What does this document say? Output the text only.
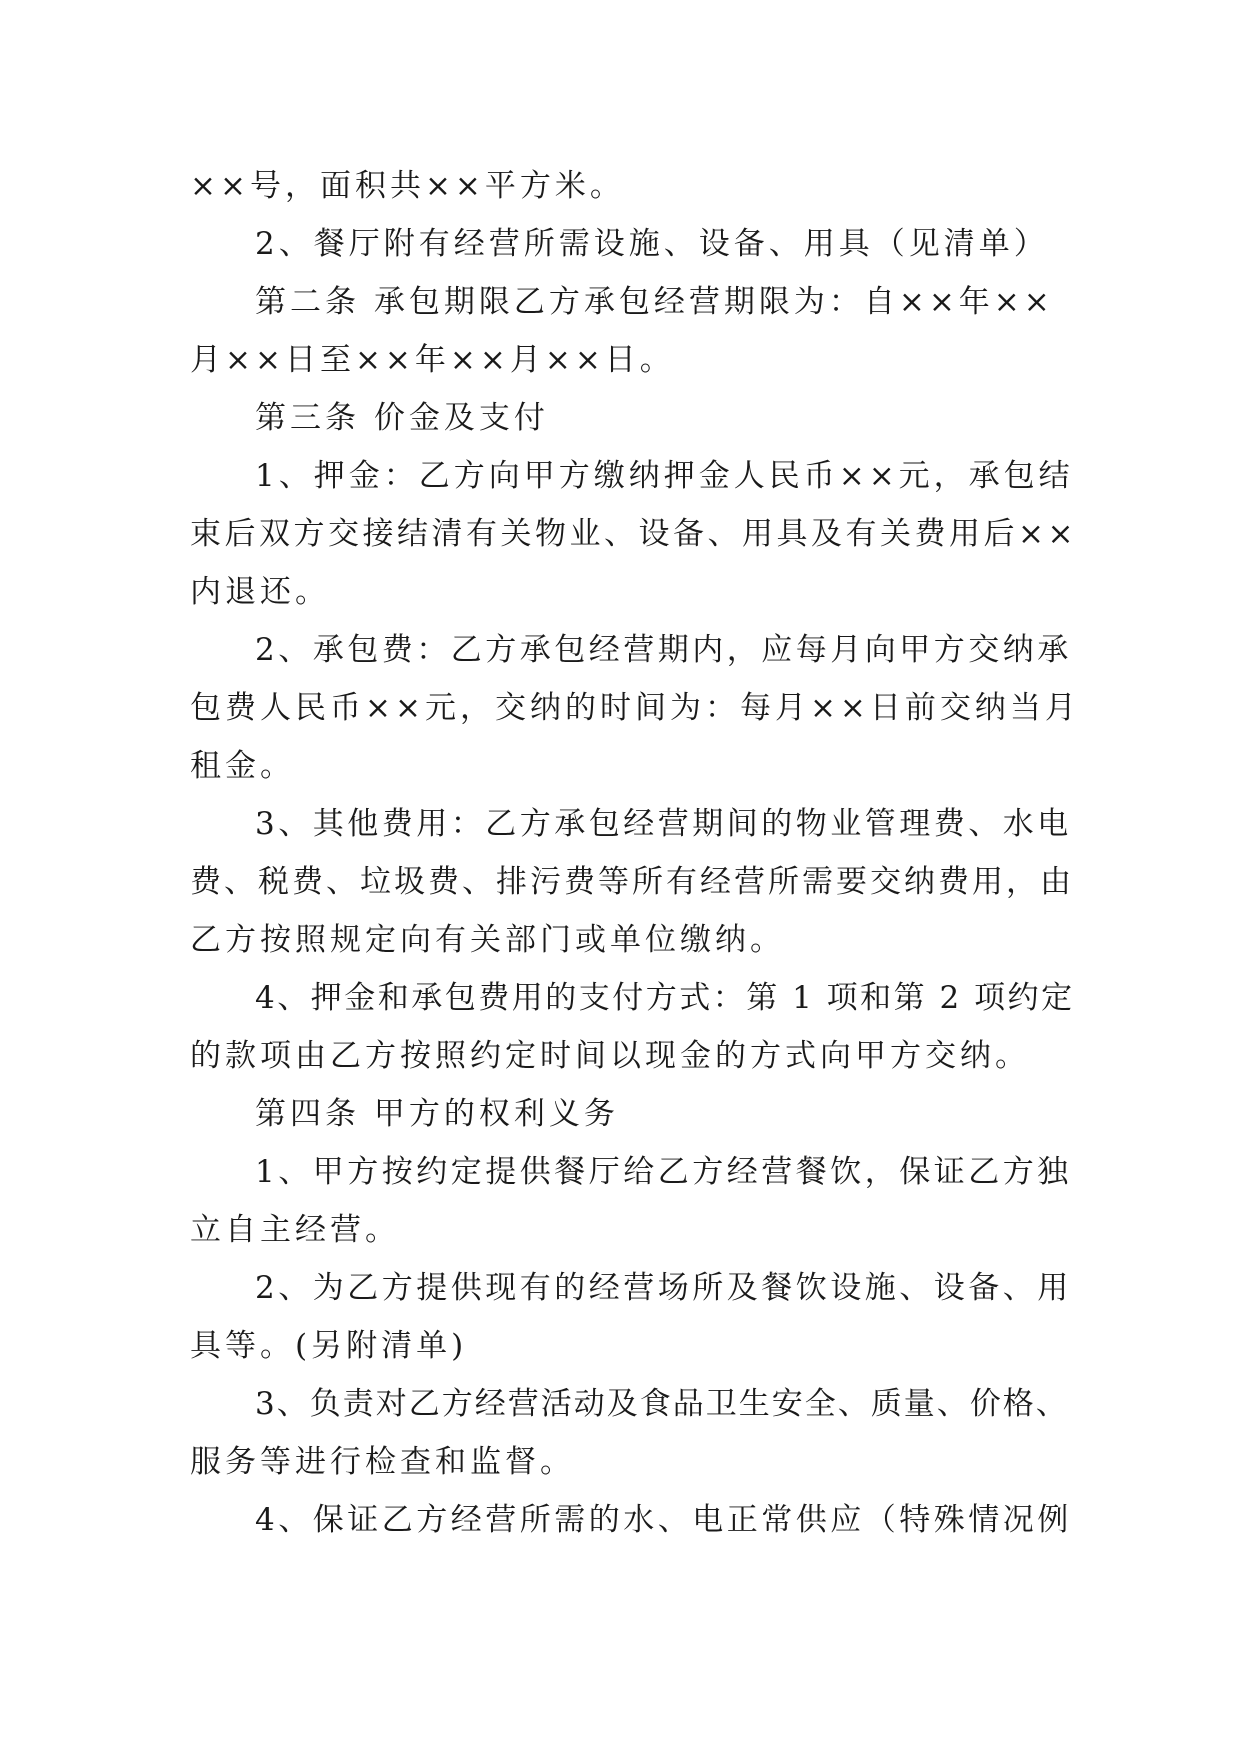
××号，面积共××平方米。
2、餐厅附有经营所需设施、设备、用具（见清单）
第二条 承包期限乙方承包经营期限为：自××年××
月××日至××年××月××日。
第三条 价金及支付
1、押金：乙方向甲方缴纳押金人民币××元，承包结
束后双方交接结清有关物业、设备、用具及有关费用后××
内退还。
2、承包费：乙方承包经营期内，应每月向甲方交纳承
包费人民币××元，交纳的时间为：每月××日前交纳当月
租金。
3、其他费用：乙方承包经营期间的物业管理费、水电
费、税费、垃圾费、排污费等所有经营所需要交纳费用，由
乙方按照规定向有关部门或单位缴纳。
4、押金和承包费用的支付方式：第 1 项和第 2 项约定
的款项由乙方按照约定时间以现金的方式向甲方交纳。
第四条 甲方的权利义务
1、甲方按约定提供餐厅给乙方经营餐饮，保证乙方独
立自主经营。
2、为乙方提供现有的经营场所及餐饮设施、设备、用
具等。(另附清单)
3、负责对乙方经营活动及食品卫生安全、质量、价格、
服务等进行检查和监督。
4、保证乙方经营所需的水、电正常供应（特殊情况例
